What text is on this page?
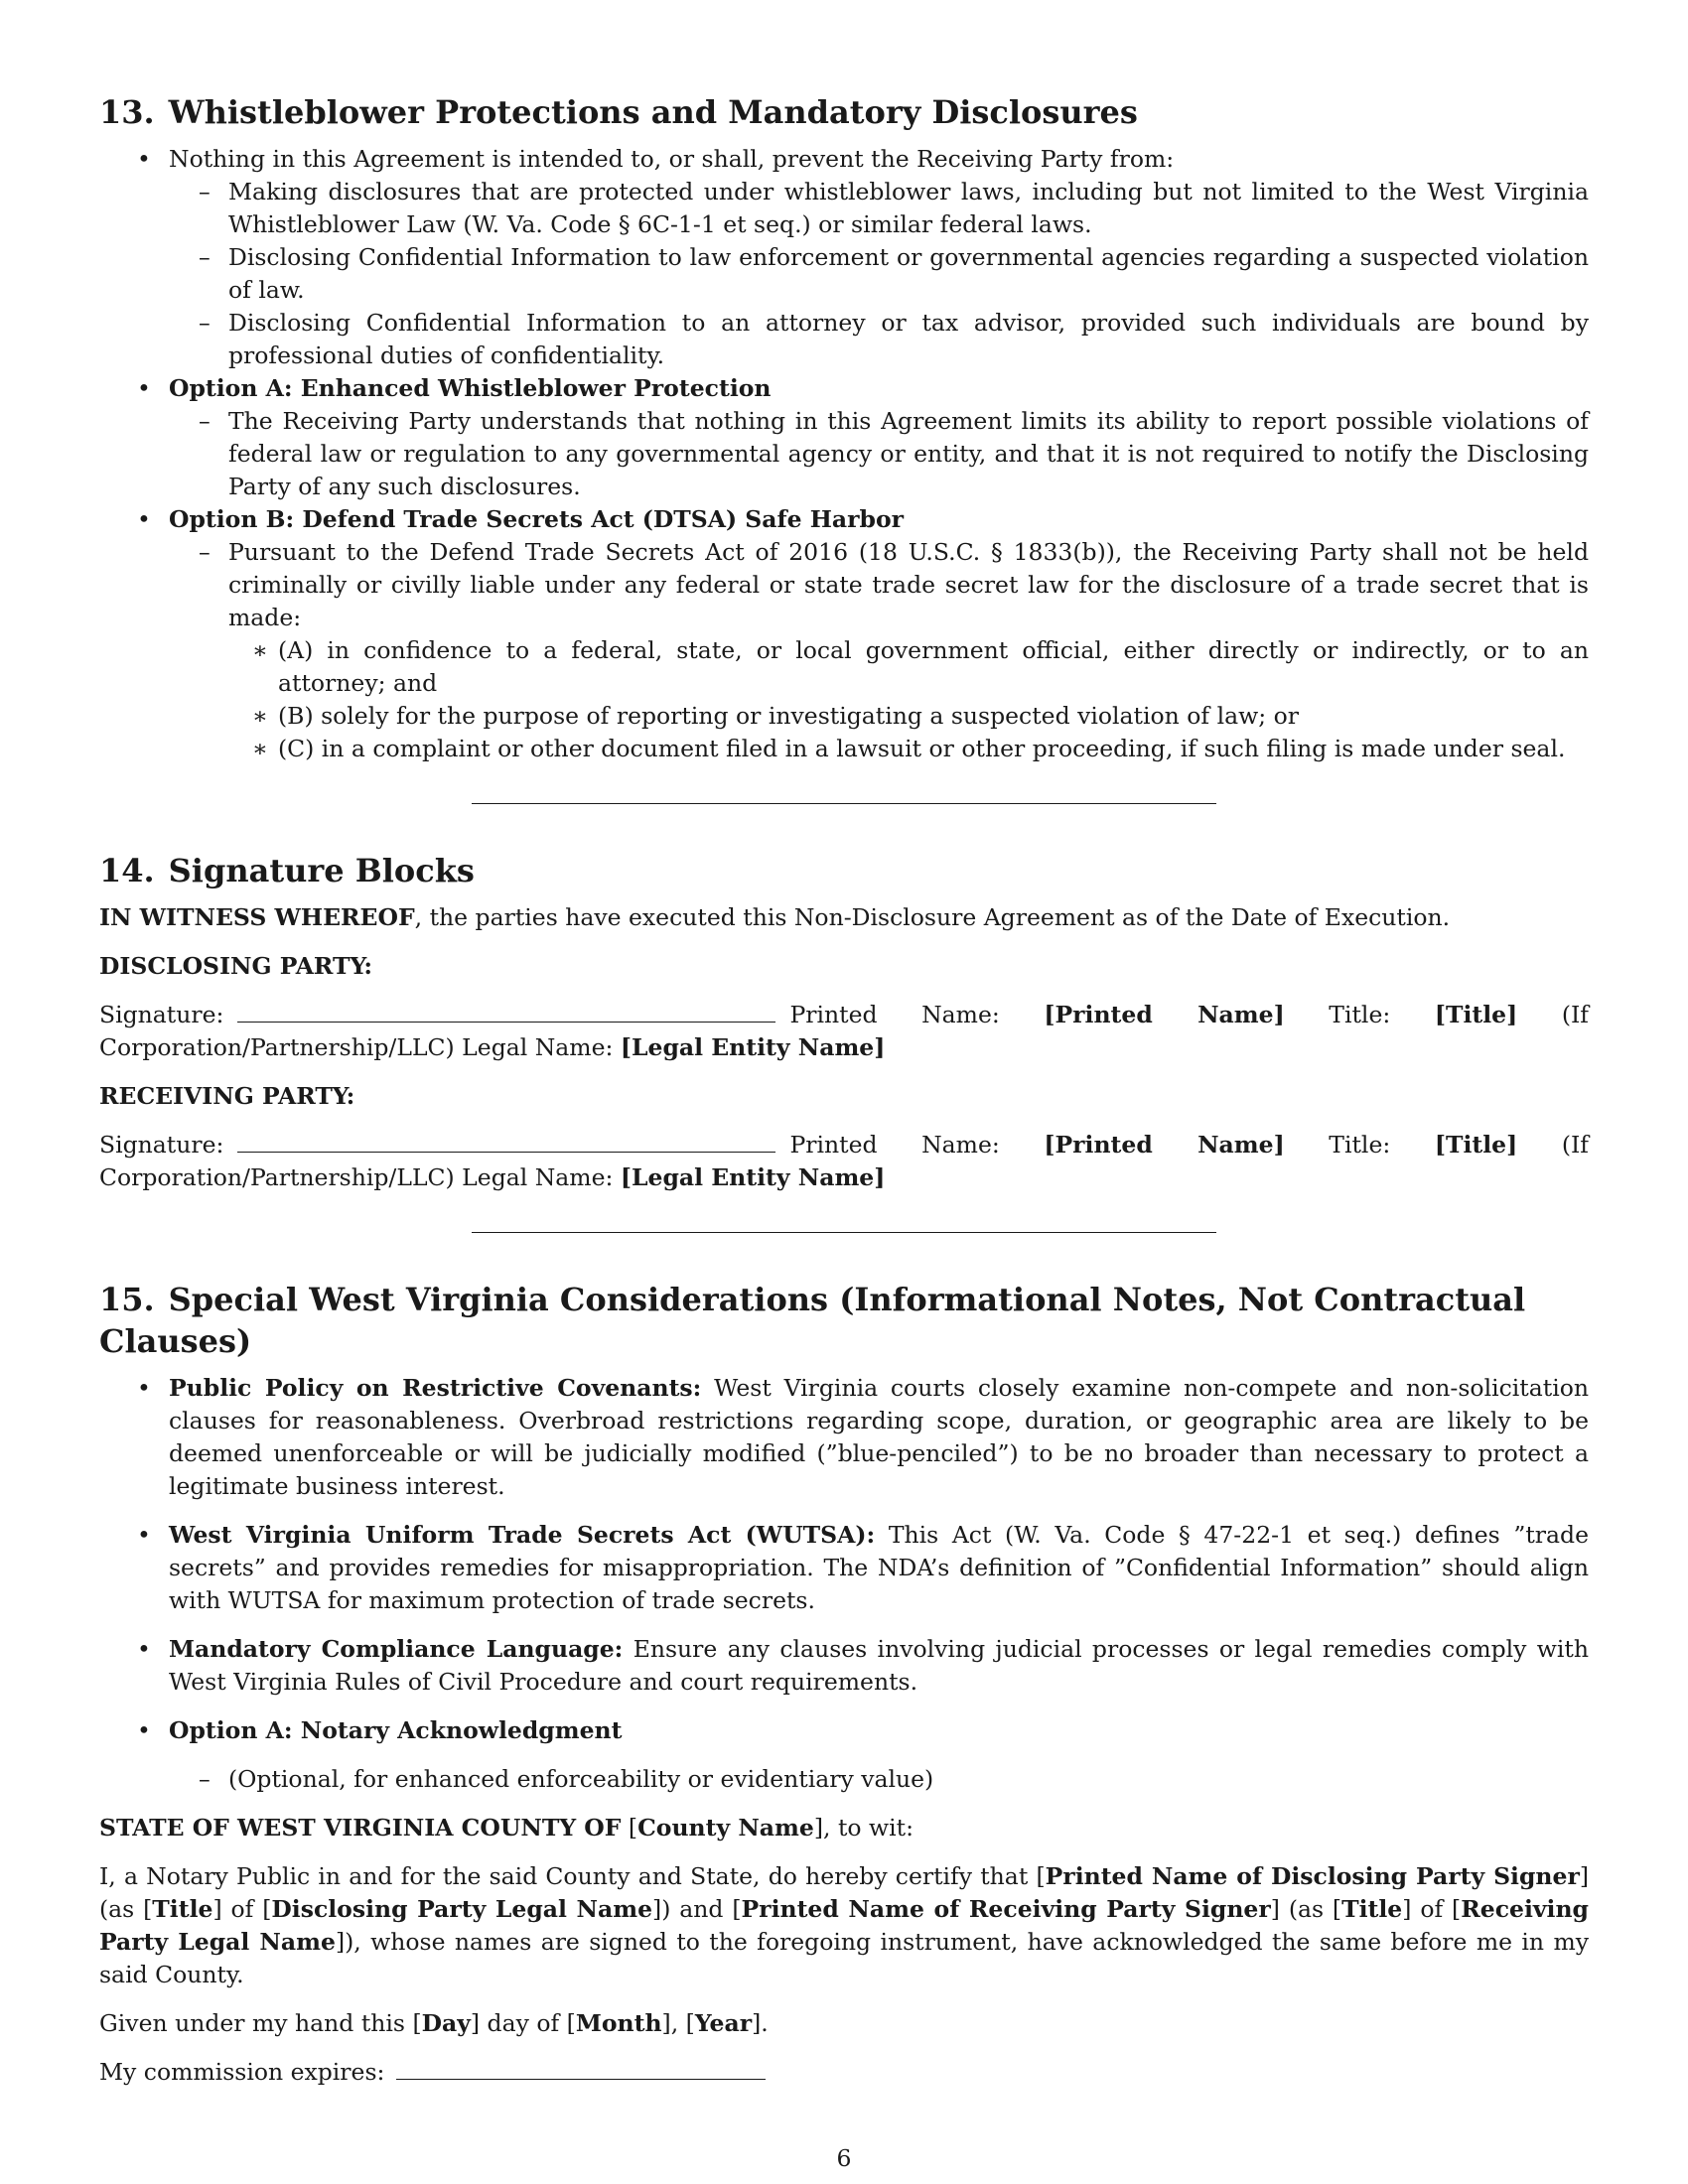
13. Whistleblower Protections and Mandatory Disclosures
• Nothing in this Agreement is intended to, or shall, prevent the Receiving Party from:
– Making disclosures that are protected under whistleblower laws, including but not limited to the West Virginia Whistleblower Law (W. Va. Code § 6C-1-1 et seq.) or similar federal laws.
– Disclosing Confidential Information to law enforcement or governmental agencies regarding a suspected violation of law.
– Disclosing Confidential Information to an attorney or tax advisor, provided such individuals are bound by professional duties of confidentiality.
• Option A: Enhanced Whistleblower Protection
– The Receiving Party understands that nothing in this Agreement limits its ability to report possible violations of federal law or regulation to any governmental agency or entity, and that it is not required to notify the Disclosing Party of any such disclosures.
• Option B: Defend Trade Secrets Act (DTSA) Safe Harbor
– Pursuant to the Defend Trade Secrets Act of 2016 (18 U.S.C. § 1833(b)), the Receiving Party shall not be held criminally or civilly liable under any federal or state trade secret law for the disclosure of a trade secret that is made:
∗ (A) in confidence to a federal, state, or local government official, either directly or indirectly, or to an attorney; and
∗ (B) solely for the purpose of reporting or investigating a suspected violation of law; or
∗ (C) in a complaint or other document filed in a lawsuit or other proceeding, if such filing is made under seal.
14. Signature Blocks

IN WITNESS WHEREOF, the parties have executed this Non-Disclosure Agreement as of the Date of Execution.

DISCLOSING PARTY:

Signature:	Printed Name: [Printed Name] Title: [Title] (If Corporation/Partnership/LLC) Legal Name: [Legal Entity Name]

RECEIVING PARTY:

Signature:	Printed Name: [Printed Name] Title: [Title] (If Corporation/Partnership/LLC) Legal Name: [Legal Entity Name]

15. Special West Virginia Considerations (Informational Notes, Not Contractual Clauses)
• Public Policy on Restrictive Covenants: West Virginia courts closely examine non-compete and non-solicitation clauses for reasonableness. Overbroad restrictions regarding scope, duration, or geographic area are likely to be deemed unenforceable or will be judicially modified (”blue-penciled”) to be no broader than necessary to protect a legitimate business interest.
• West Virginia Uniform Trade Secrets Act (WUTSA): This Act (W. Va. Code § 47-22-1 et seq.) defines ”trade secrets” and provides remedies for misappropriation. The NDA’s definition of ”Confidential Information” should align with WUTSA for maximum protection of trade secrets.
• Mandatory Compliance Language: Ensure any clauses involving judicial processes or legal remedies comply with West Virginia Rules of Civil Procedure and court requirements.
• Option A: Notary Acknowledgment
– (Optional, for enhanced enforceability or evidentiary value)

STATE OF WEST VIRGINIA COUNTY OF [County Name], to wit:

I, a Notary Public in and for the said County and State, do hereby certify that [Printed Name of Disclosing Party Signer] (as [Title] of [Disclosing Party Legal Name]) and [Printed Name of Receiving Party Signer] (as [Title] of [Receiving Party Legal Name]), whose names are signed to the foregoing instrument, have acknowledged the same before me in my said County.

Given under my hand this [Day] day of [Month], [Year].

My commission expires:

6
